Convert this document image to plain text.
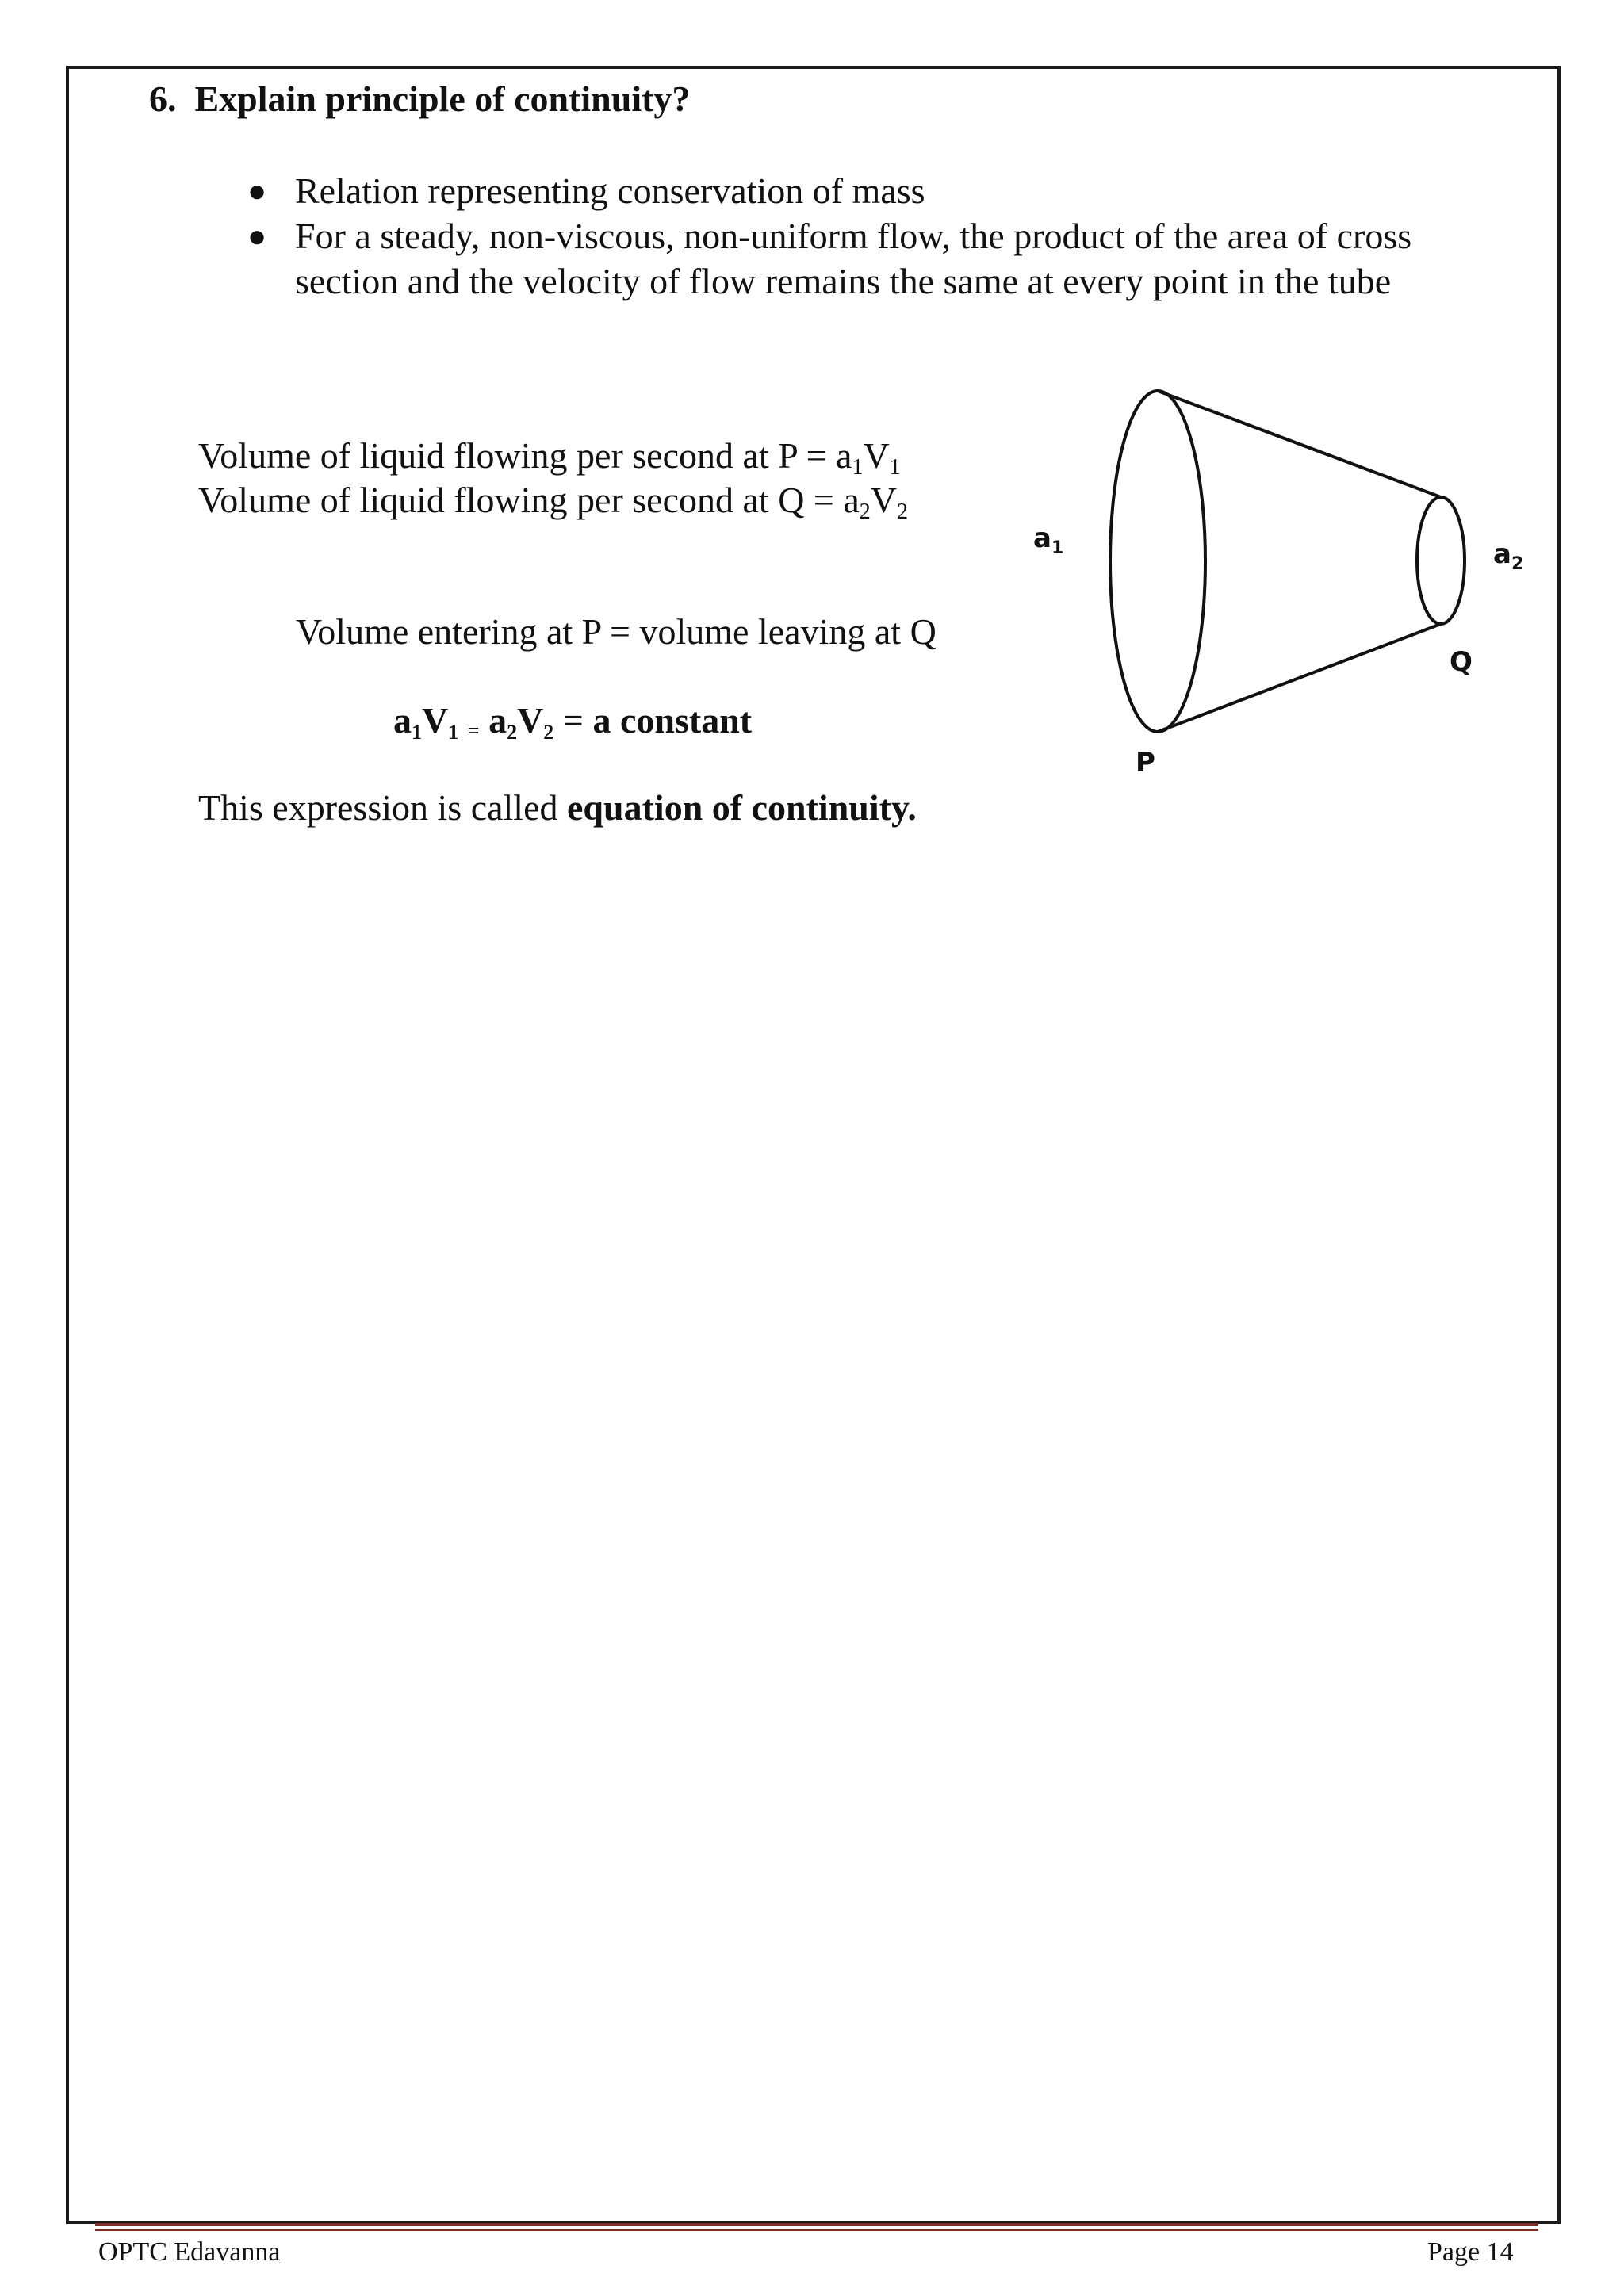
6. Explain principle of continuity?
● Relation representing conservation of mass
● For a steady, non-viscous, non-uniform flow, the product of the area of cross
section and the velocity of flow remains the same at every point in the tube
Volume of liquid flowing per second at $P = a_1V_1$
Volume of liquid flowing per second at $Q = a_2V_2$
Volume entering at P = volume leaving at Q
$a_1V_1 = a_2V_2 = a$ constant
This expression is called equation of continuity.
$a_1$	$a_2$
P
Q
OPTC Edavanna	Page 14
